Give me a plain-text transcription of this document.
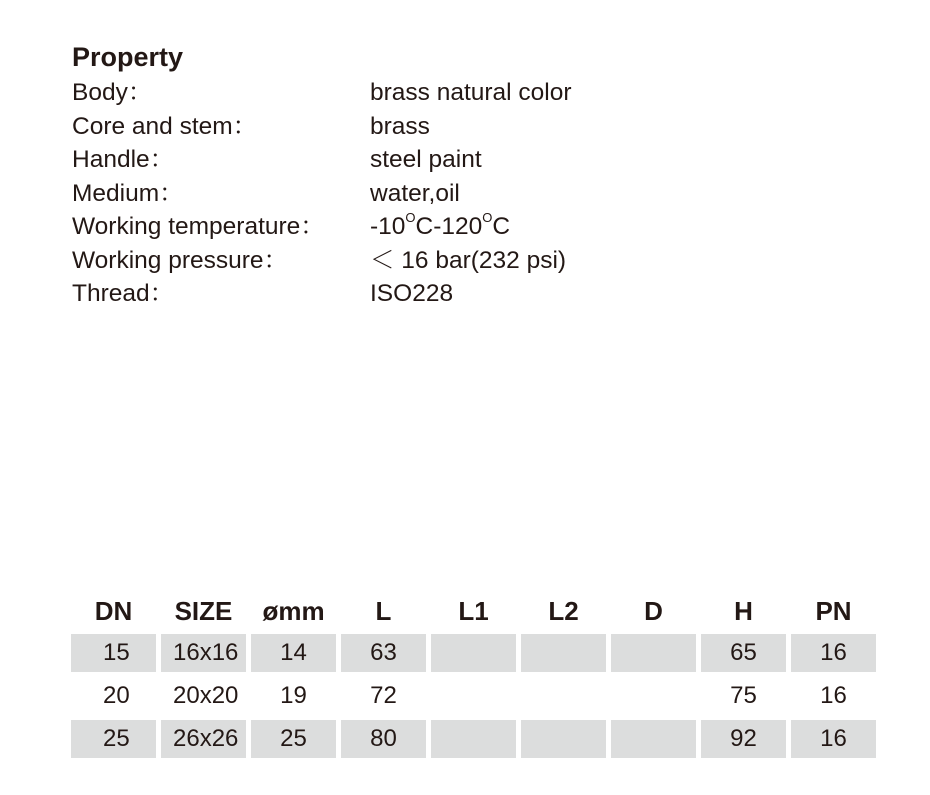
Property
Body：	brass natural color
Core and stem：	brass
Handle：	steel paint
Medium：	water,oil
Working temperature：	$-10^OC-120^OC$
Working pressure：	＜ 16 bar(232 psi)
Thread：	ISO228
DN	SIZE	ømm	L	L1	L2	D	H	PN
15	16x16	14	63				65	16
20	20x20	19	72				75	16
25	26x26	25	80				92	16
